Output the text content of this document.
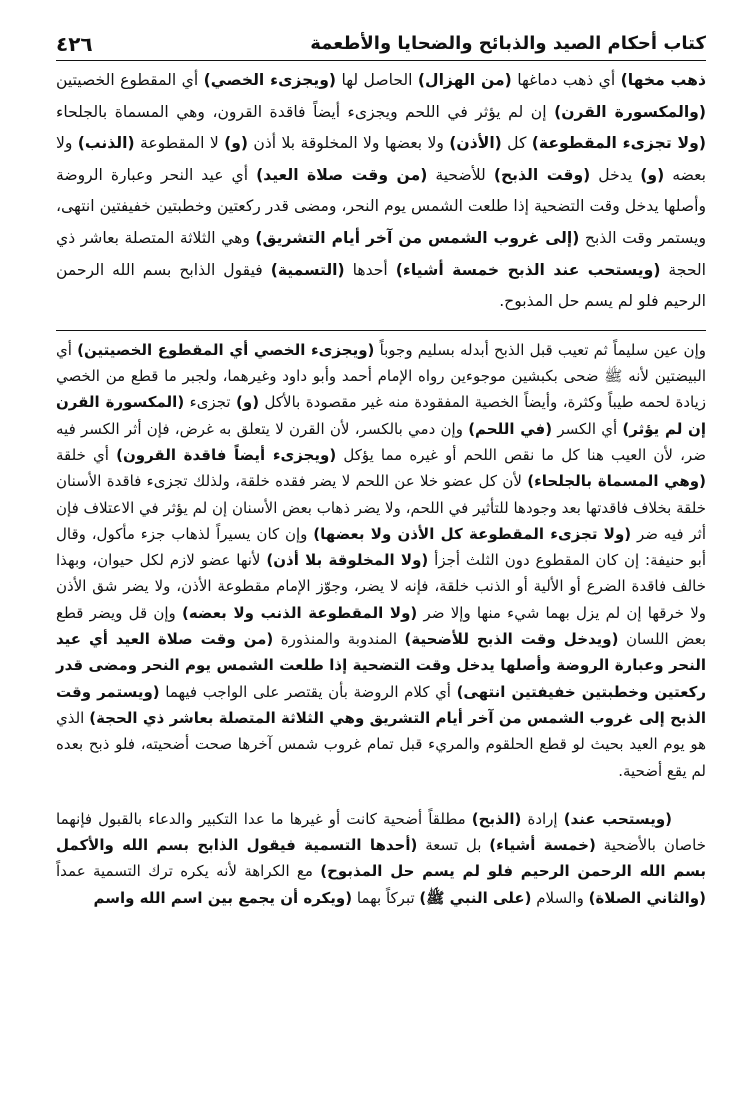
كتاب أحكام الصيد والذبائح والضحايا والأطعمة
٤٢٦
ذهب مخها) أي ذهب دماغها (من الهزال) الحاصل لها (ويجزىء الخصي) أي المقطوع الخصيتين (والمكسورة القرن) إن لم يؤثر في اللحم ويجزىء أيضاً فاقدة القرون، وهي المسماة بالجلحاء (ولا تجزىء المقطوعة) كل (الأذن) ولا بعضها ولا المخلوقة بلا أذن (و) لا المقطوعة (الذنب) ولا بعضه (و) يدخل (وقت الذبح) للأضحية (من وقت صلاة العيد) أي عيد النحر وعبارة الروضة وأصلها يدخل وقت التضحية إذا طلعت الشمس يوم النحر، ومضى قدر ركعتين وخطبتين خفيفتين انتهى، ويستمر وقت الذبح (إلى غروب الشمس من آخر أيام التشريق) وهي الثلاثة المتصلة بعاشر ذي الحجة (ويستحب عند الذبح خمسة أشياء) أحدها (التسمية) فيقول الذابح بسم الله الرحمن الرحيم فلو لم يسم حل المذبوح.

وإن عين سليماً ثم تعيب قبل الذبح أبدله بسليم وجوباً (ويجزىء الخصي أي المقطوع الخصيتين) أي البيضتين لأنه ﷺ ضحى بكبشين موجوءين رواه الإمام أحمد وأبو داود وغيرهما، ولجبر ما قطع من الخصي زيادة لحمه طيباً وكثرة، وأيضاً الخصية المفقودة منه غير مقصودة بالأكل (و) تجزىء (المكسورة القرن إن لم يؤثر) أي الكسر (في اللحم) وإن دمي بالكسر، لأن القرن لا يتعلق به غرض، فإن أثر الكسر فيه ضر، لأن العيب هنا كل ما نقص اللحم أو غيره مما يؤكل (ويجزىء أيضاً فاقدة القرون) أي خلقة (وهي المسماة بالجلحاء) لأن كل عضو خلا عن اللحم لا يضر فقده خلقة، ولذلك تجزىء فاقدة الأسنان خلقة بخلاف فاقدتها بعد وجودها للتأثير في اللحم، ولا يضر ذهاب بعض الأسنان إن لم يؤثر في الاعتلاف فإن أثر فيه ضر (ولا تجزىء المقطوعة كل الأذن ولا بعضها) وإن كان يسيراً لذهاب جزء مأكول، وقال أبو حنيفة: إن كان المقطوع دون الثلث أجزأ (ولا المخلوقة بلا أذن) لأنها عضو لازم لكل حيوان، وبهذا خالف فاقدة الضرع أو الألية أو الذنب خلقة، فإنه لا يضر، وجوّز الإمام مقطوعة الأذن، ولا يضر شق الأذن ولا خرقها إن لم يزل بهما شيء منها وإلا ضر (ولا المقطوعة الذنب ولا بعضه) وإن قل ويضر قطع بعض اللسان (ويدخل وقت الذبح للأضحية) المندوبة والمنذورة (من وقت صلاة العيد أي عيد النحر وعبارة الروضة وأصلها يدخل وقت التضحية إذا طلعت الشمس يوم النحر ومضى قدر ركعتين وخطبتين خفيفتين انتهى) أي كلام الروضة بأن يقتصر على الواجب فيهما (ويستمر وقت الذبح إلى غروب الشمس من آخر أيام التشريق وهي الثلاثة المتصلة بعاشر ذي الحجة) الذي هو يوم العيد بحيث لو قطع الحلقوم والمريء قبل تمام غروب شمس آخرها صحت أضحيته، فلو ذبح بعده لم يقع أضحية.

(ويستحب عند) إرادة (الذبح) مطلقاً أضحية كانت أو غيرها ما عدا التكبير والدعاء بالقبول فإنهما خاصان بالأضحية (خمسة أشياء) بل تسعة (أحدها التسمية فيقول الذابح بسم الله والأكمل بسم الله الرحمن الرحيم فلو لم يسم حل المذبوح) مع الكراهة لأنه يكره ترك التسمية عمداً (والثاني الصلاة) والسلام (على النبي ﷺ) تبركاً بهما (ويكره أن يجمع بين اسم الله واسم
